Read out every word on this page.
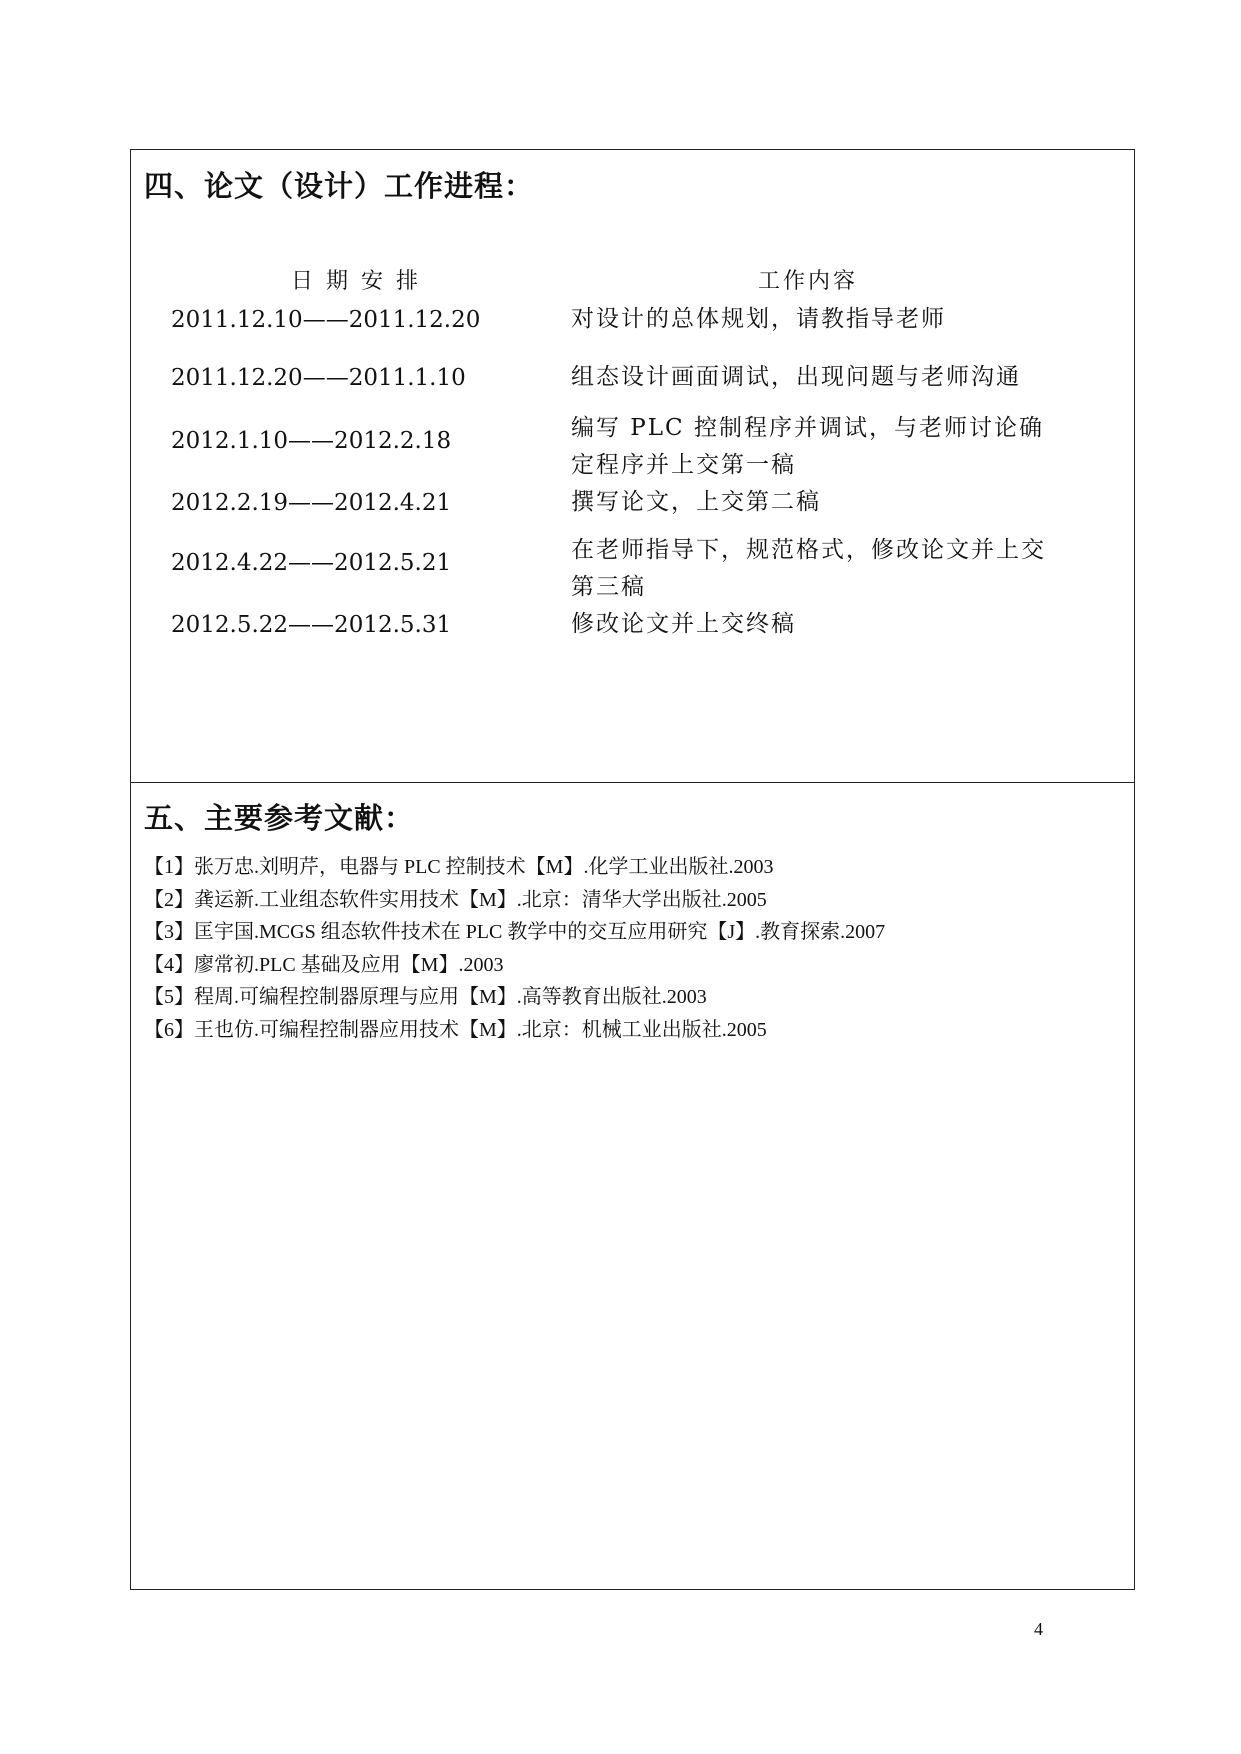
四、论文（设计）工作进程：
日期安排	工作内容
2011.12.10——2011.12.20	对设计的总体规划，请教指导老师
2011.12.20——2011.1.10	组态设计画面调试，出现问题与老师沟通
2012.1.10——2012.2.18	编写 PLC 控制程序并调试，与老师讨论确定程序并上交第一稿
2012.2.19——2012.4.21	撰写论文，上交第二稿
2012.4.22——2012.5.21	在老师指导下，规范格式，修改论文并上交第三稿
2012.5.22——2012.5.31	修改论文并上交终稿
五、主要参考文献：
【1】张万忠.刘明芹，电器与 PLC 控制技术【M】.化学工业出版社.2003
【2】龚运新.工业组态软件实用技术【M】.北京：清华大学出版社.2005
【3】匡宇国.MCGS 组态软件技术在 PLC 教学中的交互应用研究【J】.教育探索.2007
【4】廖常初.PLC 基础及应用【M】.2003
【5】程周.可编程控制器原理与应用【M】.高等教育出版社.2003
【6】王也仿.可编程控制器应用技术【M】.北京：机械工业出版社.2005
4
